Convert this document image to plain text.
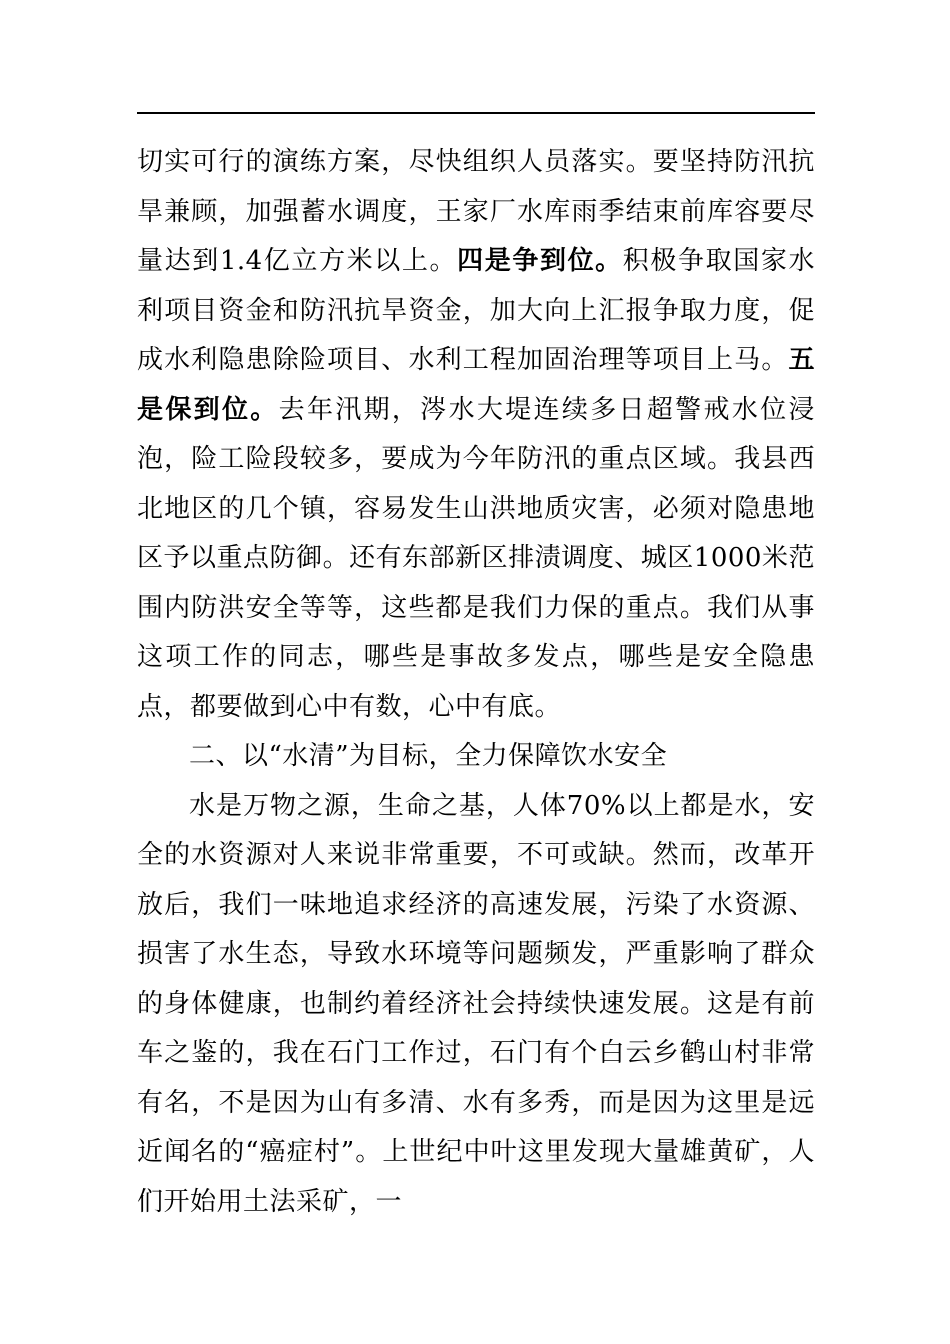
切实可行的演练方案，尽快组织人员落实。要坚持防汛抗旱兼顾，加强蓄水调度，王家厂水库雨季结束前库容要尽量达到1.4亿立方米以上。四是争到位。积极争取国家水利项目资金和防汛抗旱资金，加大向上汇报争取力度，促成水利隐患除险项目、水利工程加固治理等项目上马。五是保到位。去年汛期，涔水大堤连续多日超警戒水位浸泡，险工险段较多，要成为今年防汛的重点区域。我县西北地区的几个镇，容易发生山洪地质灾害，必须对隐患地区予以重点防御。还有东部新区排渍调度、城区1000米范围内防洪安全等等，这些都是我们力保的重点。我们从事这项工作的同志，哪些是事故多发点，哪些是安全隐患点，都要做到心中有数，心中有底。

二、以“水清”为目标，全力保障饮水安全

水是万物之源，生命之基，人体70%以上都是水，安全的水资源对人来说非常重要，不可或缺。然而，改革开放后，我们一味地追求经济的高速发展，污染了水资源、损害了水生态，导致水环境等问题频发，严重影响了群众的身体健康，也制约着经济社会持续快速发展。这是有前车之鉴的，我在石门工作过，石门有个白云乡鹤山村非常有名，不是因为山有多清、水有多秀，而是因为这里是远近闻名的“癌症村”。上世纪中叶这里发现大量雄黄矿，人们开始用土法采矿，一
